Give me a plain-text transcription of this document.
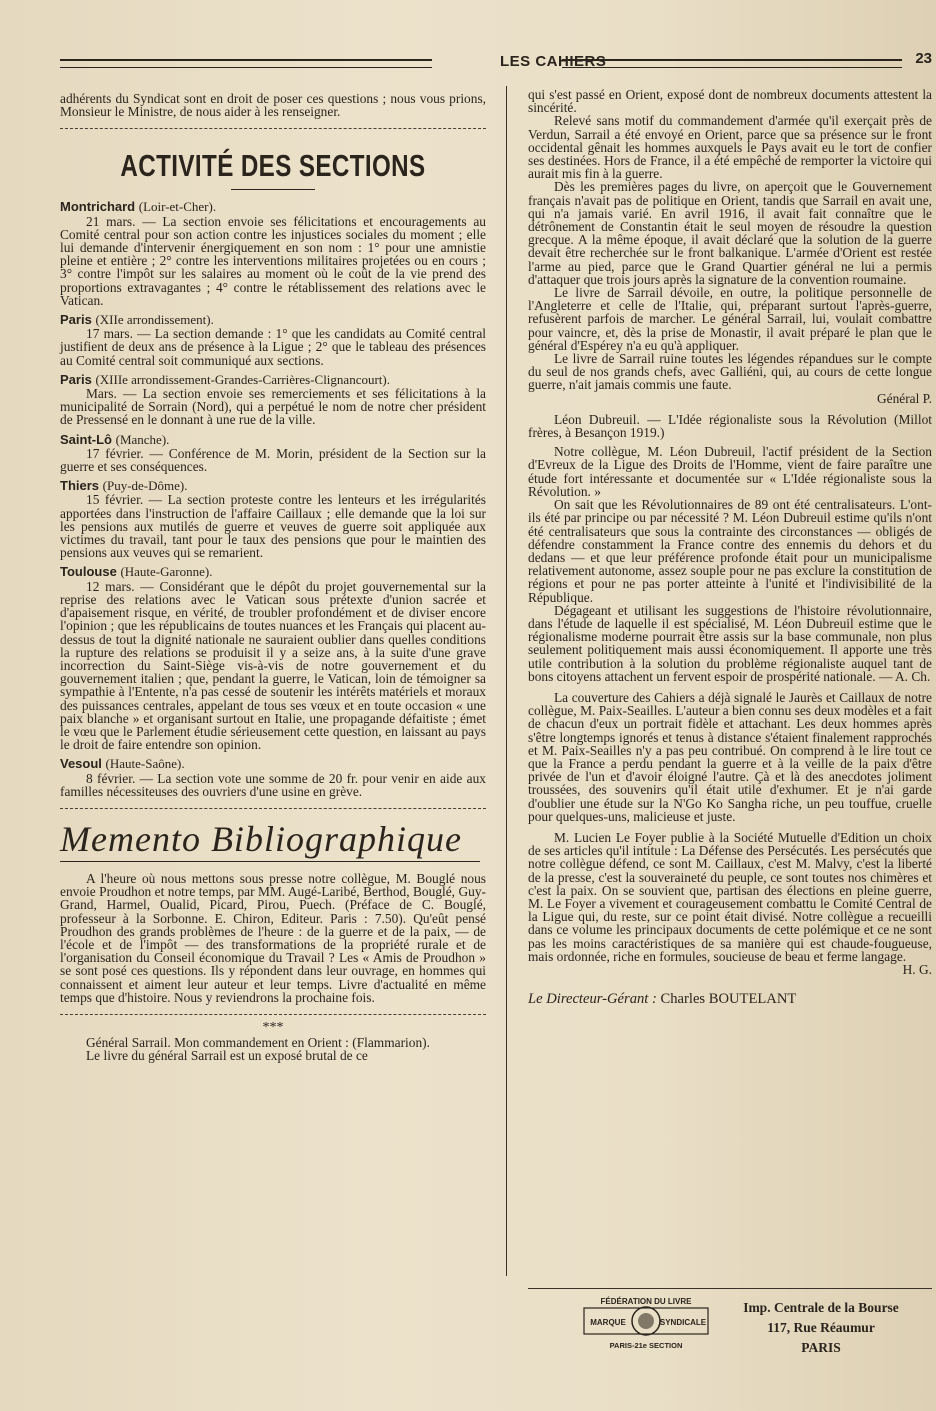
LES CAHIERS	23

adhérents du Syndicat sont en droit de poser ces questions ; nous vous prions, Monsieur le Ministre, de nous aider à les renseigner.

ACTIVITÉ DES SECTIONS
Montrichard (Loir-et-Cher).

21 mars. — La section envoie ses félicitations et encouragements au Comité central pour son action contre les injustices sociales du moment ; elle lui demande d'intervenir énergiquement en son nom : 1° pour une amnistie pleine et entière ; 2° contre les interventions militaires projetées ou en cours ; 3° contre l'impôt sur les salaires au moment où le coût de la vie prend des proportions extravagantes ; 4° contre le rétablissement des relations avec le Vatican.

Paris (XIIe arrondissement).

17 mars. — La section demande : 1° que les candidats au Comité central justifient de deux ans de présence à la Ligue ; 2° que le tableau des présences au Comité central soit communiqué aux sections.

Paris (XIIIe arrondissement-Grandes-Carrières-Clignancourt).

Mars. — La section envoie ses remerciements et ses félicitations à la municipalité de Sorrain (Nord), qui a perpétué le nom de notre cher président de Pressensé en le donnant à une rue de la ville.

Saint-Lô (Manche).

17 février. — Conférence de M. Morin, président de la Section sur la guerre et ses conséquences.

Thiers (Puy-de-Dôme).

15 février. — La section proteste contre les lenteurs et les irrégularités apportées dans l'instruction de l'affaire Caillaux ; elle demande que la loi sur les pensions aux mutilés de guerre et veuves de guerre soit appliquée aux victimes du travail, tant pour le taux des pensions que pour le maintien des pensions aux veuves qui se remarient.

Toulouse (Haute-Garonne).

12 mars. — Considérant que le dépôt du projet gouvernemental sur la reprise des relations avec le Vatican sous prétexte d'union sacrée et d'apaisement risque, en vérité, de troubler profondément et de diviser encore l'opinion ; que les républicains de toutes nuances et les Français qui placent au-dessus de tout la dignité nationale ne sauraient oublier dans quelles conditions la rupture des relations se produisit il y a seize ans, à la suite d'une grave incorrection du Saint-Siège vis-à-vis de notre gouvernement et du gouvernement italien ; que, pendant la guerre, le Vatican, loin de témoigner sa sympathie à l'Entente, n'a pas cessé de soutenir les intérêts matériels et moraux des puissances centrales, appelant de tous ses vœux et en toute occasion « une paix blanche » et organisant surtout en Italie, une propagande défaitiste ; émet le vœu que le Parlement étudie sérieusement cette question, en laissant au pays le droit de faire entendre son opinion.

Vesoul (Haute-Saône).

8 février. — La section vote une somme de 20 fr. pour venir en aide aux familles nécessiteuses des ouvriers d'une usine en grève.

Memento Bibliographique

A l'heure où nous mettons sous presse notre collègue, M. Bouglé nous envoie Proudhon et notre temps, par MM. Augé-Laribé, Berthod, Bouglé, Guy-Grand, Harmel, Oualid, Picard, Pirou, Puech. (Préface de C. Bouglé, professeur à la Sorbonne. E. Chiron, Editeur. Paris : 7.50). Qu'eût pensé Proudhon des grands problèmes de l'heure : de la guerre et de la paix, — de l'école et de l'impôt — des transformations de la propriété rurale et de l'organisation du Conseil économique du Travail ? Les « Amis de Proudhon » se sont posé ces questions. Ils y répondent dans leur ouvrage, en hommes qui connaissent et aiment leur auteur et leur temps. Livre d'actualité en même temps que d'histoire. Nous y reviendrons la prochaine fois.

***

Général Sarrail. Mon commandement en Orient : (Flammarion).

Le livre du général Sarrail est un exposé brutal de ce

qui s'est passé en Orient, exposé dont de nombreux documents attestent la sincérité.

Relevé sans motif du commandement d'armée qu'il exerçait près de Verdun, Sarrail a été envoyé en Orient, parce que sa présence sur le front occidental gênait les hommes auxquels le Pays avait eu le tort de confier ses destinées. Hors de France, il a été empêché de remporter la victoire qui aurait mis fin à la guerre.

Dès les premières pages du livre, on aperçoit que le Gouvernement français n'avait pas de politique en Orient, tandis que Sarrail en avait une, qui n'a jamais varié. En avril 1916, il avait fait connaître que le détrônement de Constantin était le seul moyen de résoudre la question grecque. A la même époque, il avait déclaré que la solution de la guerre devait être recherchée sur le front balkanique. L'armée d'Orient est restée l'arme au pied, parce que le Grand Quartier général ne lui a permis d'attaquer que trois jours après la signature de la convention roumaine.

Le livre de Sarrail dévoile, en outre, la politique personnelle de l'Angleterre et celle de l'Italie, qui, préparant surtout l'après-guerre, refusèrent parfois de marcher. Le général Sarrail, lui, voulait combattre pour vaincre, et, dès la prise de Monastir, il avait préparé le plan que le général d'Espérey n'a eu qu'à appliquer.

Le livre de Sarrail ruine toutes les légendes répandues sur le compte du seul de nos grands chefs, avec Galliéni, qui, au cours de cette longue guerre, n'ait jamais commis une faute.

Général P.

Léon Dubreuil. — L'Idée régionaliste sous la Révolution (Millot frères, à Besançon 1919.)

Notre collègue, M. Léon Dubreuil, l'actif président de la Section d'Evreux de la Ligue des Droits de l'Homme, vient de faire paraître une étude fort intéressante et documentée sur « L'Idée régionaliste sous la Révolution. »

On sait que les Révolutionnaires de 89 ont été centralisateurs. L'ont-ils été par principe ou par nécessité ? M. Léon Dubreuil estime qu'ils n'ont été centralisateurs que sous la contrainte des circonstances — obligés de défendre constamment la France contre des ennemis du dehors et du dedans — et que leur préférence profonde était pour un municipalisme relativement autonome, assez souple pour ne pas exclure la constitution de régions et pour ne pas porter atteinte à l'unité et l'indivisibilité de la République.

Dégageant et utilisant les suggestions de l'histoire révolutionnaire, dans l'étude de laquelle il est spécialisé, M. Léon Dubreuil estime que le régionalisme moderne pourrait être assis sur la base communale, non plus seulement politiquement mais aussi économiquement. Il apporte une très utile contribution à la solution du problème régionaliste auquel tant de bons citoyens attachent un fervent espoir de prospérité nationale. — A. Ch.

La couverture des Cahiers a déjà signalé le Jaurès et Caillaux de notre collègue, M. Paix-Seailles. L'auteur a bien connu ses deux modèles et a fait de chacun d'eux un portrait fidèle et attachant. Les deux hommes après s'être longtemps ignorés et tenus à distance s'étaient finalement rapprochés et M. Paix-Seailles n'y a pas peu contribué. On comprend à le lire tout ce que la France a perdu pendant la guerre et à la veille de la paix d'être privée de l'un et d'avoir éloigné l'autre. Çà et là des anecdotes joliment troussées, des souvenirs qu'il était utile d'exhumer. Et je n'ai garde d'oublier une étude sur la N'Go Ko Sangha riche, un peu touffue, cruelle pour quelques-uns, malicieuse et juste.

M. Lucien Le Foyer publie à la Société Mutuelle d'Edition un choix de ses articles qu'il intitule : La Défense des Persécutés. Les persécutés que notre collègue défend, ce sont M. Caillaux, c'est M. Malvy, c'est la liberté de la presse, c'est la souveraineté du peuple, ce sont toutes nos chimères et c'est la paix. On se souvient que, partisan des élections en pleine guerre, M. Le Foyer a vivement et courageusement combattu le Comité Central de la Ligue qui, du reste, sur ce point était divisé. Notre collègue a recueilli dans ce volume les principaux documents de cette polémique et ce ne sont pas les moins caractéristiques de sa manière qui est chaude-fougueuse, mais ordonnée, riche en formules, soucieuse de beau et ferme langage.

H. G.

Le Directeur-Gérant : Charles BOUTELANT
FÉDÉRATION DU LIVRE
MARQUE	SYNDICALE
PARIS-21e SECTION
Imp. Centrale de la Bourse
117, Rue Réaumur
PARIS
